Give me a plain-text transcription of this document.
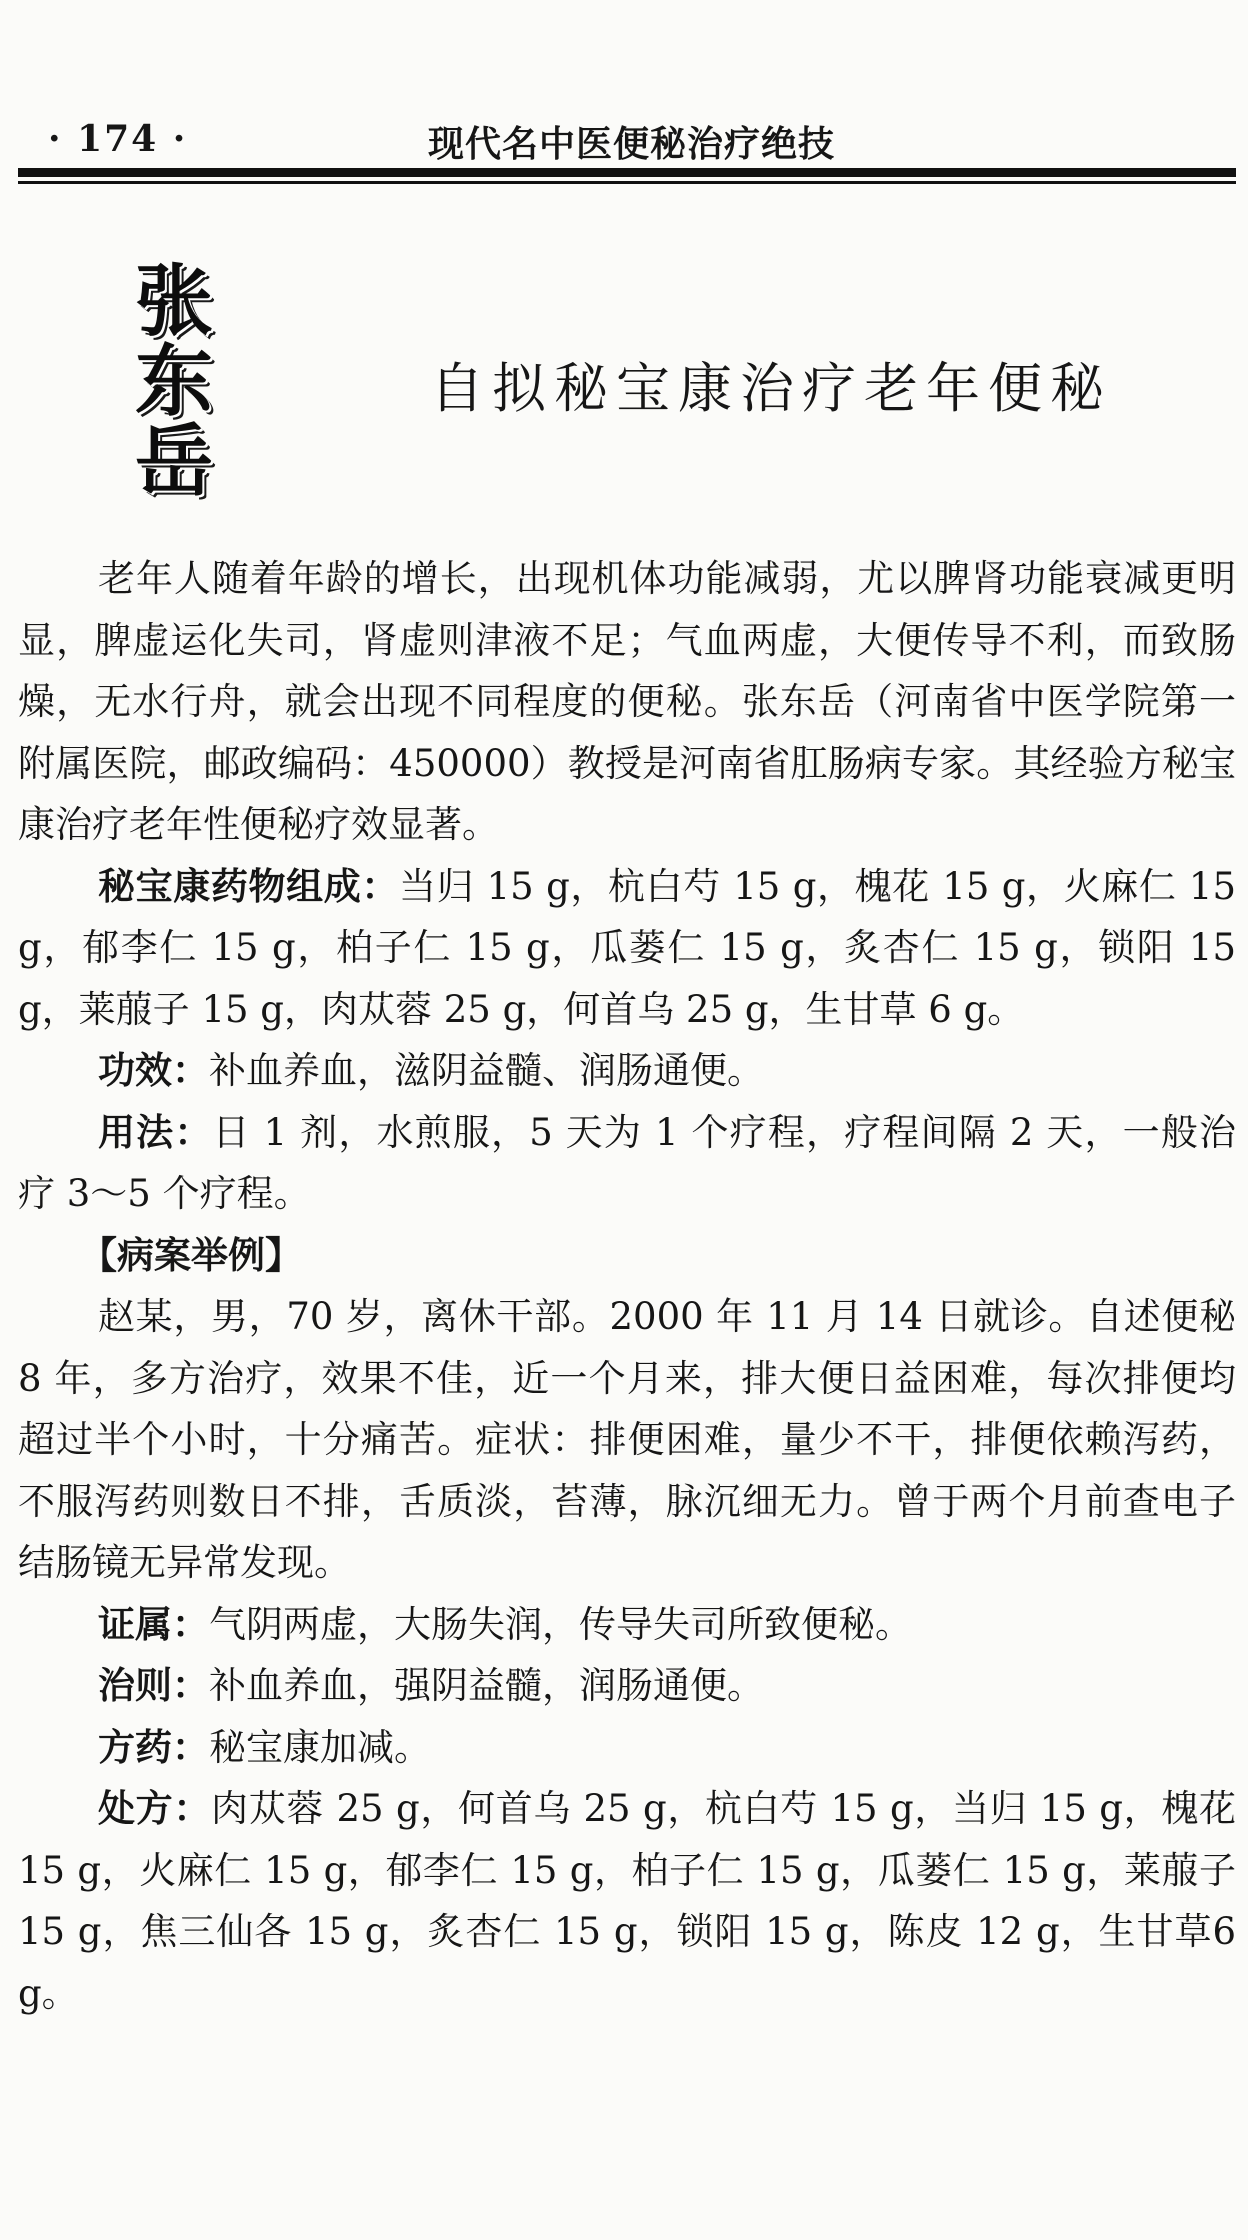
· 174 ·	现代名中医便秘治疗绝技
张
东
岳
自拟秘宝康治疗老年便秘

老年人随着年龄的增长，出现机体功能减弱，尤以脾肾功能衰减更明显，脾虚运化失司，肾虚则津液不足；气血两虚，大便传导不利，而致肠燥，无水行舟，就会出现不同程度的便秘。张东岳（河南省中医学院第一附属医院，邮政编码：450000）教授是河南省肛肠病专家。其经验方秘宝康治疗老年性便秘疗效显著。

秘宝康药物组成：当归 15 g，杭白芍 15 g，槐花 15 g，火麻仁 15 g，郁李仁 15 g，柏子仁 15 g，瓜蒌仁 15 g，炙杏仁 15 g，锁阳 15 g，莱菔子 15 g，肉苁蓉 25 g，何首乌 25 g，生甘草 6 g。

功效：补血养血，滋阴益髓、润肠通便。

用法：日 1 剂，水煎服，5 天为 1 个疗程，疗程间隔 2 天，一般治疗 3～5 个疗程。

【病案举例】

赵某，男，70 岁，离休干部。2000 年 11 月 14 日就诊。自述便秘 8 年，多方治疗，效果不佳，近一个月来，排大便日益困难，每次排便均超过半个小时，十分痛苦。症状：排便困难，量少不干，排便依赖泻药，不服泻药则数日不排，舌质淡，苔薄，脉沉细无力。曾于两个月前查电子结肠镜无异常发现。

证属：气阴两虚，大肠失润，传导失司所致便秘。

治则：补血养血，强阴益髓，润肠通便。

方药：秘宝康加减。

处方：肉苁蓉 25 g，何首乌 25 g，杭白芍 15 g，当归 15 g，槐花 15 g，火麻仁 15 g，郁李仁 15 g，柏子仁 15 g，瓜蒌仁 15 g，莱菔子 15 g，焦三仙各 15 g，炙杏仁 15 g，锁阳 15 g，陈皮 12 g，生甘草6 g。
